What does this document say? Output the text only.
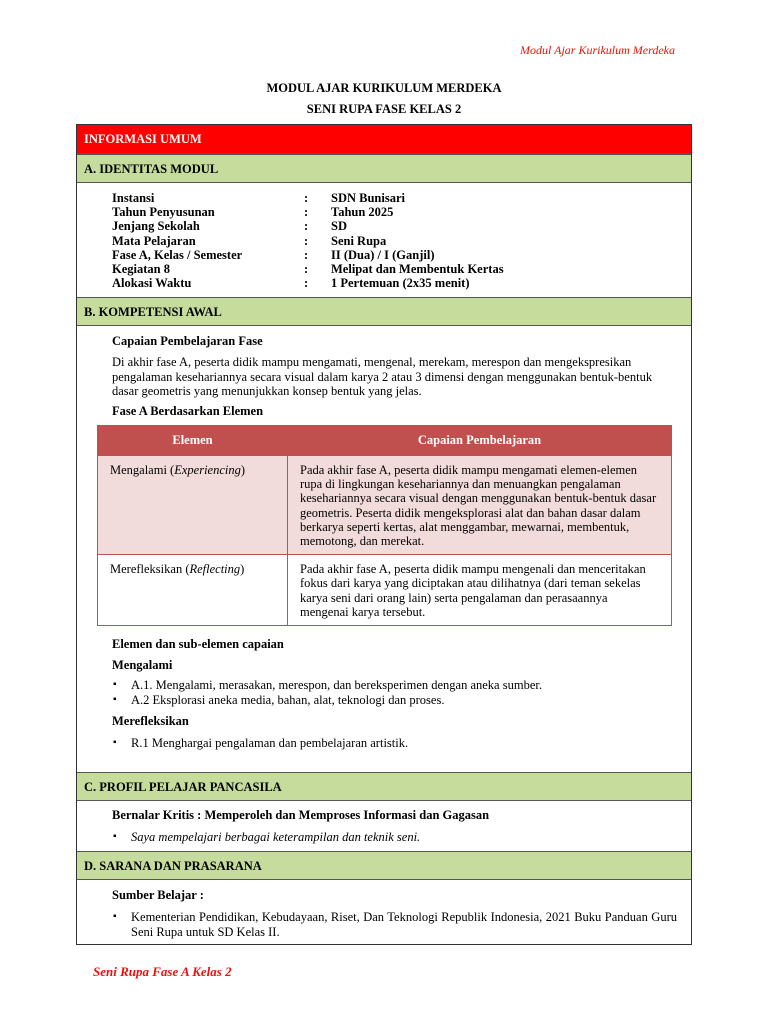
Modul Ajar Kurikulum Merdeka
MODUL AJAR KURIKULUM MERDEKA
SENI RUPA FASE KELAS 2
INFORMASI UMUM
A. IDENTITAS MODUL
Instansi	:	SDN Bunisari
Tahun Penyusunan	:	Tahun 2025
Jenjang Sekolah	:	SD
Mata Pelajaran	:	Seni Rupa
Fase A, Kelas / Semester	:	II (Dua) / I (Ganjil)
Kegiatan 8	:	Melipat dan Membentuk Kertas
Alokasi Waktu	:	1 Pertemuan (2x35 menit)
B. KOMPETENSI AWAL
Capaian Pembelajaran Fase
Di akhir fase A, peserta didik mampu mengamati, mengenal, merekam, merespon dan mengekspresikan pengalaman kesehariannya secara visual dalam karya 2 atau 3 dimensi dengan menggunakan bentuk-bentuk dasar geometris yang menunjukkan konsep bentuk yang jelas.
Fase A Berdasarkan Elemen
Elemen	Capaian Pembelajaran
Mengalami (Experiencing)	Pada akhir fase A, peserta didik mampu mengamati elemen-elemen rupa di lingkungan kesehariannya dan menuangkan pengalaman kesehariannya secara visual dengan menggunakan bentuk-bentuk dasar geometris. Peserta didik mengeksplorasi alat dan bahan dasar dalam berkarya seperti kertas, alat menggambar, mewarnai, membentuk, memotong, dan merekat.
Merefleksikan (Reflecting)	Pada akhir fase A, peserta didik mampu mengenali dan menceritakan fokus dari karya yang diciptakan atau dilihatnya (dari teman sekelas karya seni dari orang lain) serta pengalaman dan perasaannya mengenai karya tersebut.
Elemen dan sub-elemen capaian
Mengalami
▪ A.1. Mengalami, merasakan, merespon, dan bereksperimen dengan aneka sumber.
▪ A.2 Eksplorasi aneka media, bahan, alat, teknologi dan proses.
Merefleksikan
▪ R.1 Menghargai pengalaman dan pembelajaran artistik.
C. PROFIL PELAJAR PANCASILA
Bernalar Kritis : Memperoleh dan Memproses Informasi dan Gagasan
▪ Saya mempelajari berbagai keterampilan dan teknik seni.
D. SARANA DAN PRASARANA
Sumber Belajar :
▪ Kementerian Pendidikan, Kebudayaan, Riset, Dan Teknologi Republik Indonesia, 2021 Buku Panduan Guru Seni Rupa untuk SD Kelas II.
Seni Rupa Fase A Kelas 2
